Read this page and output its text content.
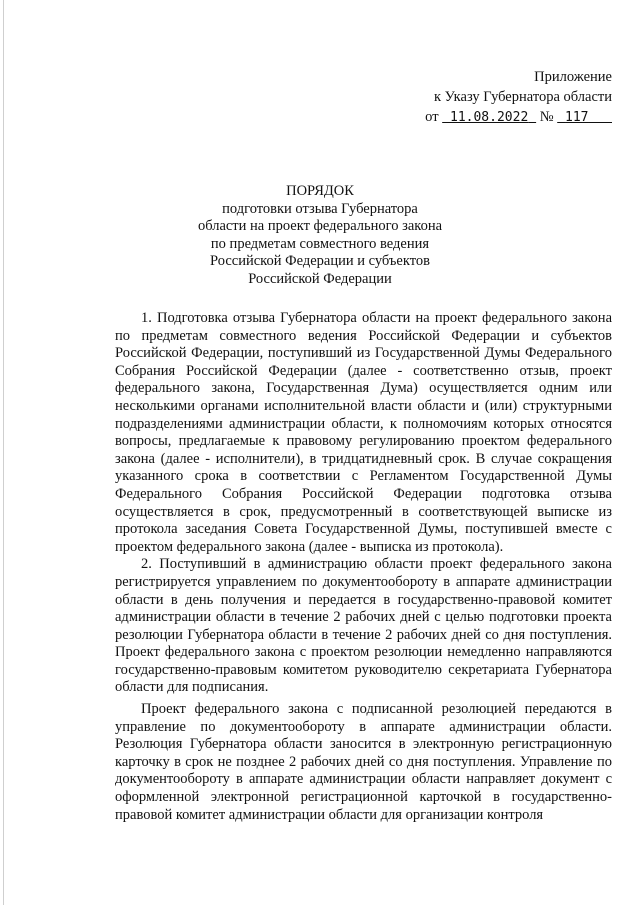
Приложение
к Указу Губернатора области
от 11.08.2022 № 117
ПОРЯДОК
подготовки отзыва Губернатора
области на проект федерального закона
по предметам совместного ведения
Российской Федерации и субъектов
Российской Федерации

1. Подготовка отзыва Губернатора области на проект федерального закона по предметам совместного ведения Российской Федерации и субъектов Российской Федерации, поступивший из Государственной Думы Федерального Собрания Российской Федерации (далее - соответственно отзыв, проект федерального закона, Государственная Дума) осуществляется одним или несколькими органами исполнительной власти области и (или) структурными подразделениями администрации области, к полномочиям которых относятся вопросы, предлагаемые к правовому регулированию проектом федерального закона (далее - исполнители), в тридцатидневный срок. В случае сокращения указанного срока в соответствии с Регламентом Государственной Думы Федерального Собрания Российской Федерации подготовка отзыва осуществляется в срок, предусмотренный в соответствующей выписке из протокола заседания Совета Государственной Думы, поступившей вместе с проектом федерального закона (далее - выписка из протокола).

2. Поступивший в администрацию области проект федерального закона регистрируется управлением по документообороту в аппарате администрации области в день получения и передается в государственно-правовой комитет администрации области в течение 2 рабочих дней с целью подготовки проекта резолюции Губернатора области в течение 2 рабочих дней со дня поступления. Проект федерального закона с проектом резолюции немедленно направляются государственно-правовым комитетом руководителю секретариата Губернатора области для подписания.

Проект федерального закона с подписанной резолюцией передаются в управление по документообороту в аппарате администрации области. Резолюция Губернатора области заносится в электронную регистрационную карточку в срок не позднее 2 рабочих дней со дня поступления. Управление по документообороту в аппарате администрации области направляет документ с оформленной электронной регистрационной карточкой в государственно-правовой комитет администрации области для организации контроля
